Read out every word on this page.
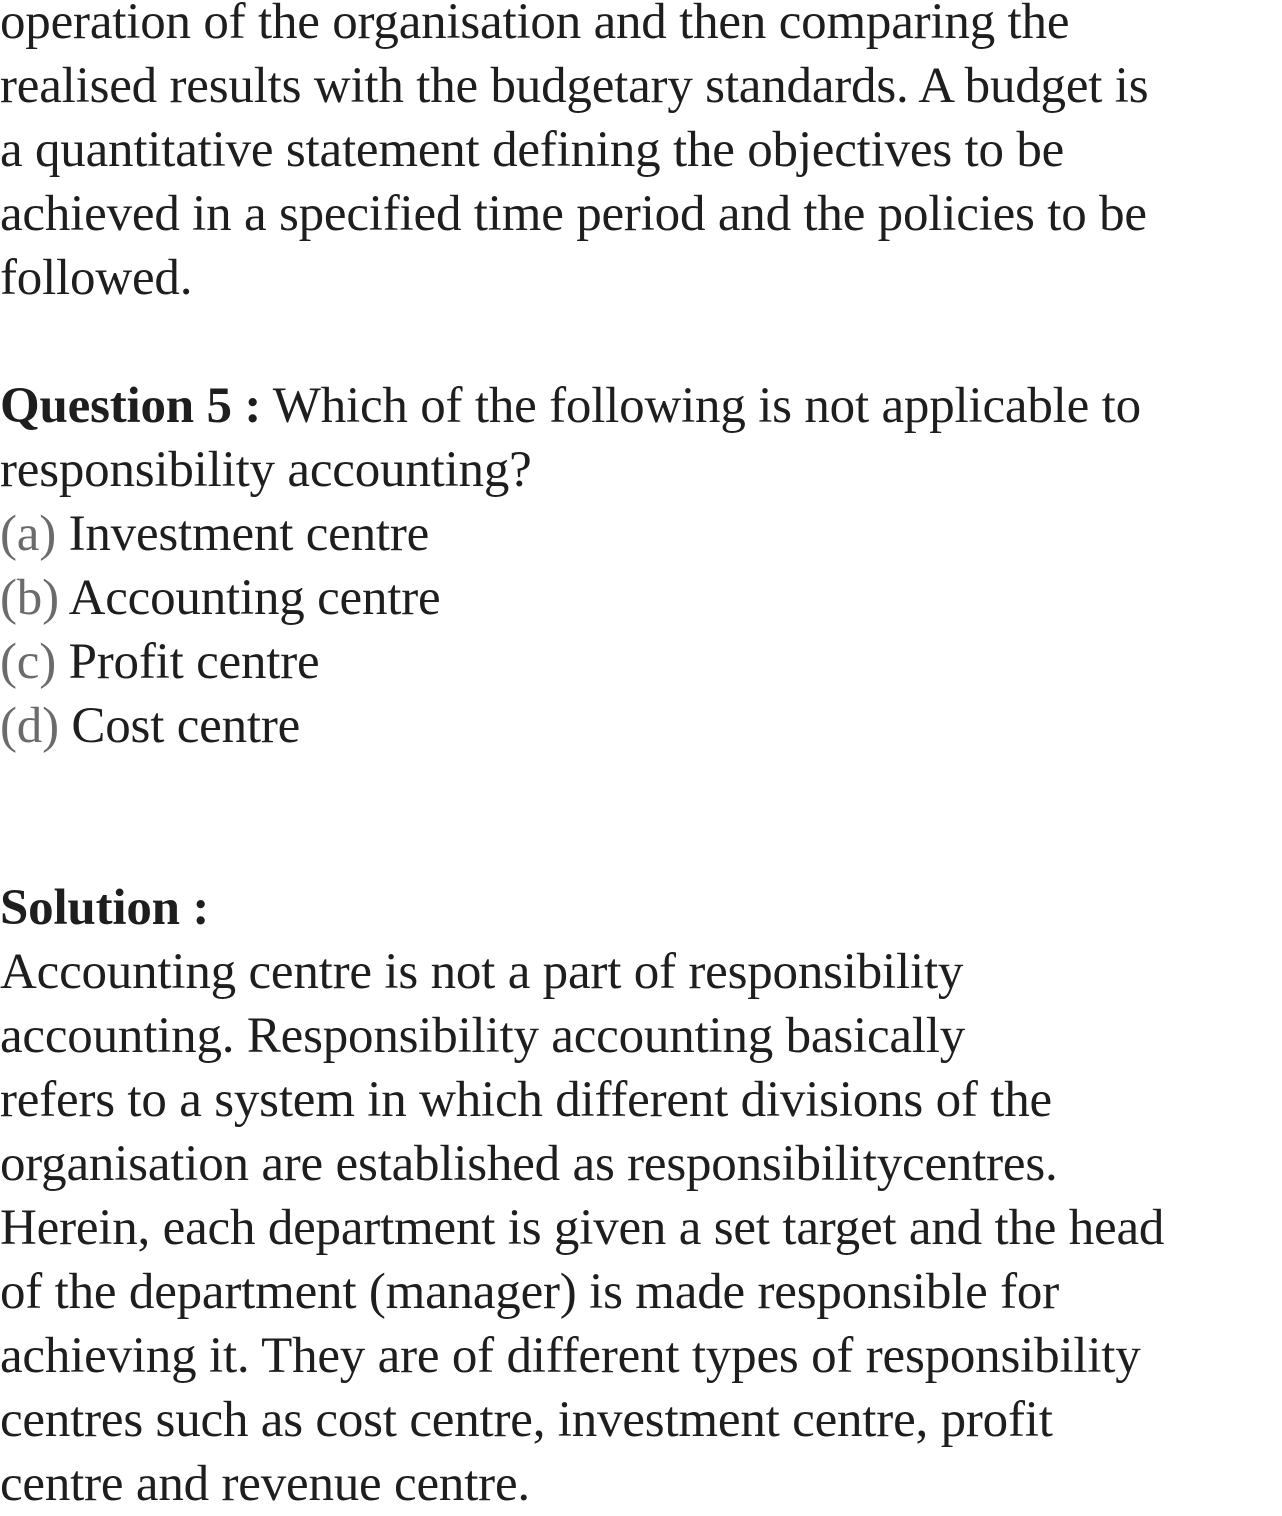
operation of the organisation and then comparing the
realised results with the budgetary standards. A budget is
a quantitative statement defining the objectives to be
achieved in a specified time period and the policies to be
followed.
Question 5 : Which of the following is not applicable to
responsibility accounting?
(a) Investment centre
(b) Accounting centre
(c) Profit centre
(d) Cost centre
Solution :
Accounting centre is not a part of responsibility
accounting. Responsibility accounting basically
refers to a system in which different divisions of the
organisation are established as responsibilitycentres.
Herein, each department is given a set target and the head
of the department (manager) is made responsible for
achieving it. They are of different types of responsibility
centres such as cost centre, investment centre, profit
centre and revenue centre.
